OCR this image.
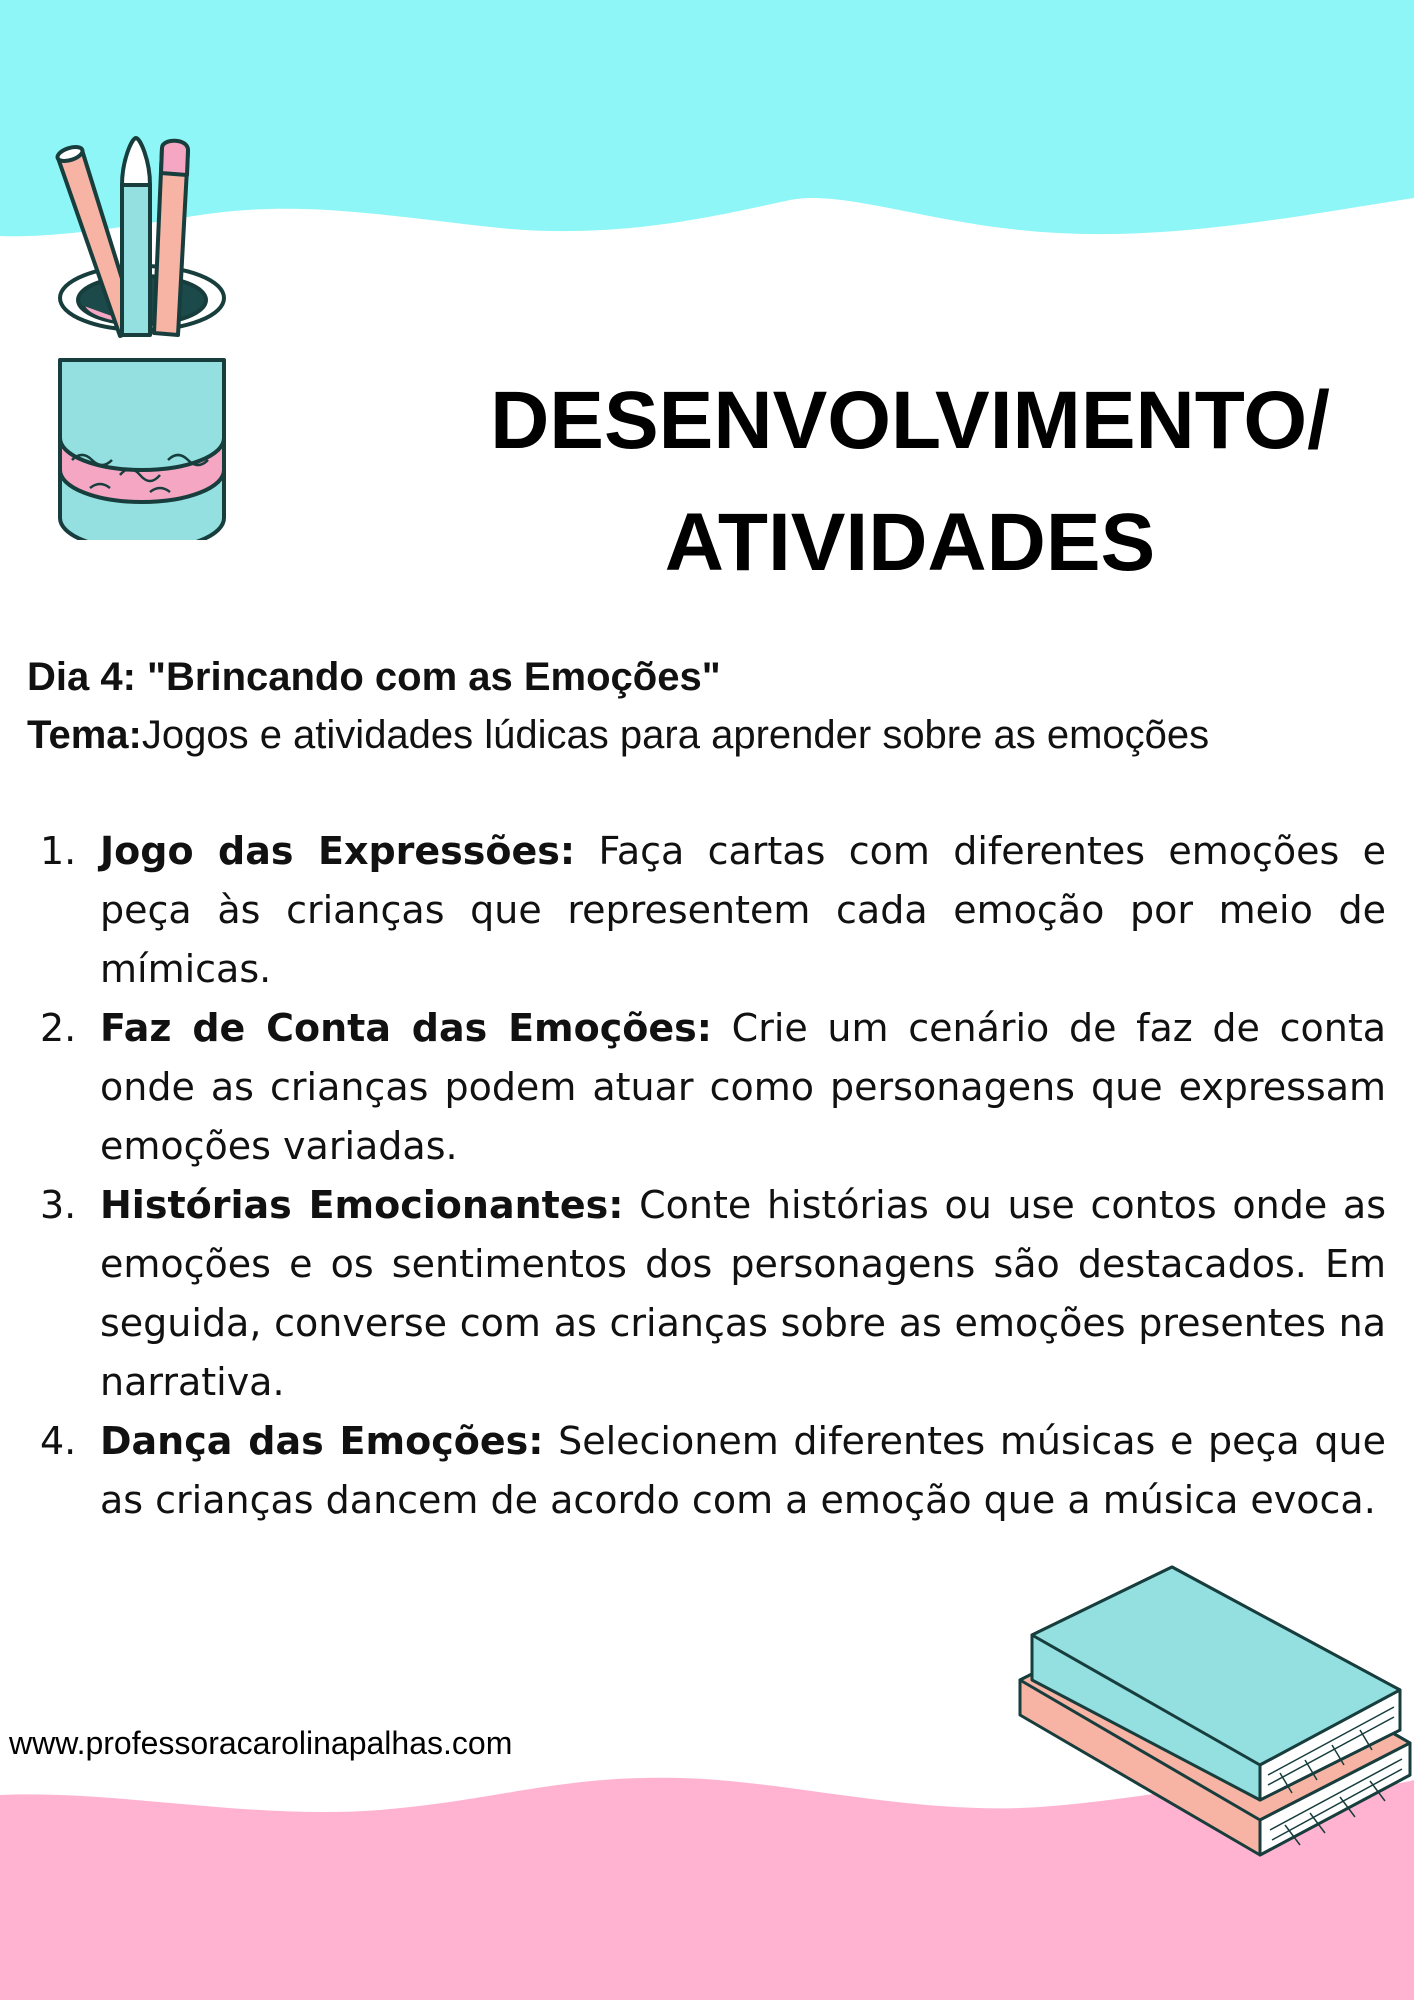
DESENVOLVIMENTO/
ATIVIDADES
Dia 4: "Brincando com as Emoções"
Tema:Jogos e atividades lúdicas para aprender sobre as emoções
1. Jogo das Expressões: Faça cartas com diferentes emoções e peça às crianças que representem cada emoção por meio de mímicas.
2. Faz de Conta das Emoções: Crie um cenário de faz de conta onde as crianças podem atuar como personagens que expressam emoções variadas.
3. Histórias Emocionantes: Conte histórias ou use contos onde as emoções e os sentimentos dos personagens são destacados. Em seguida, converse com as crianças sobre as emoções presentes na narrativa.
4. Dança das Emoções: Selecionem diferentes músicas e peça que as crianças dancem de acordo com a emoção que a música evoca.
www.professoracarolinapalhas.com
